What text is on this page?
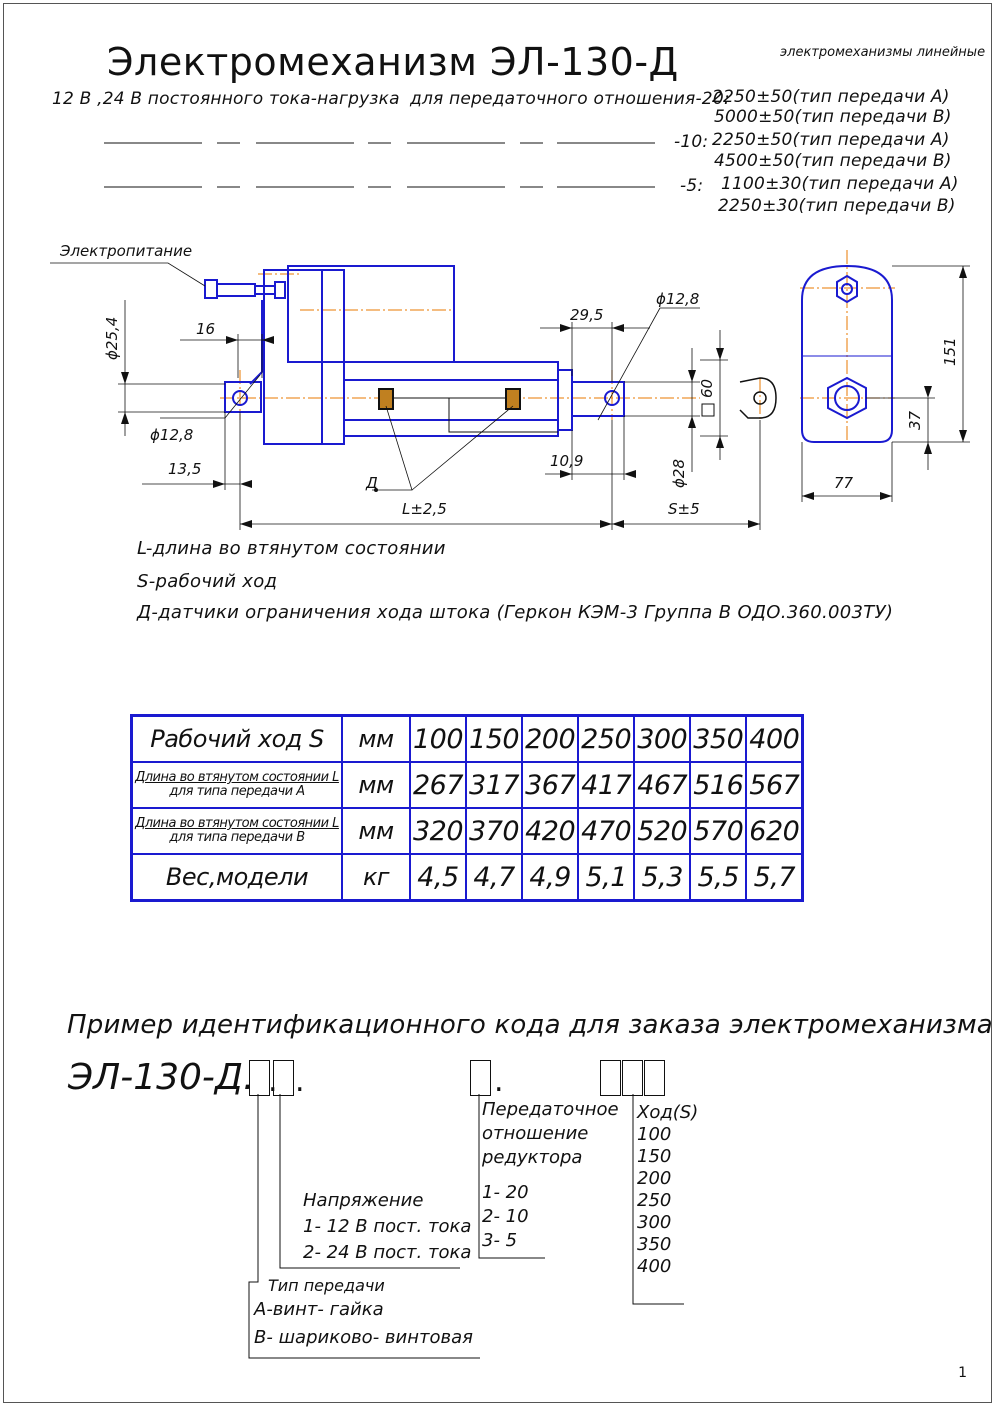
Электромеханизм ЭЛ-130-Д	электромеханизмы линейные
12 В ,24 В постоянного тока-нагрузка для передаточного отношения-20:
2250±50(тип передачи А)
5000±50(тип передачи В)
-10: 2250±50(тип передачи А)
4500±50(тип передачи В)
-5: 1100±30(тип передачи А)
2250±30(тип передачи В)
Электропитание
Д
ϕ25,4	16
ϕ12,8
13,5
29,5
ϕ12,8
10,9	ϕ28
60
L±2,5	S±5
151
37
77
L-длина во втянутом состоянии
S-рабочий ход
Д-датчики ограничения хода штока (Геркон КЭМ-3 Группа В ОДО.360.003ТУ)
Рабочий ход S	мм	100	150	200	250	300	350	400

Длина во втянутом состоянии L
для типа передачи А	мм	267	317	367	417	467	516	567

Длина во втянутом состоянии L
для типа передачи В	мм	320	370	420	470	520	570	620
Вес,модели	кг	4,5	4,7	4,9	5,1	5,3	5,5	5,7
Пример идентификационного кода для заказа электромеханизма
ЭЛ-130-Д. . .	.
Передаточное
отношение
редуктора
1- 20
2- 10
3- 5
Ход(S)
100
150
200
250
300
350
400
Напряжение
1- 12 В пост. тока
2- 24 В пост. тока
Тип передачи
А-винт- гайка
В- шариково- винтовая
1
